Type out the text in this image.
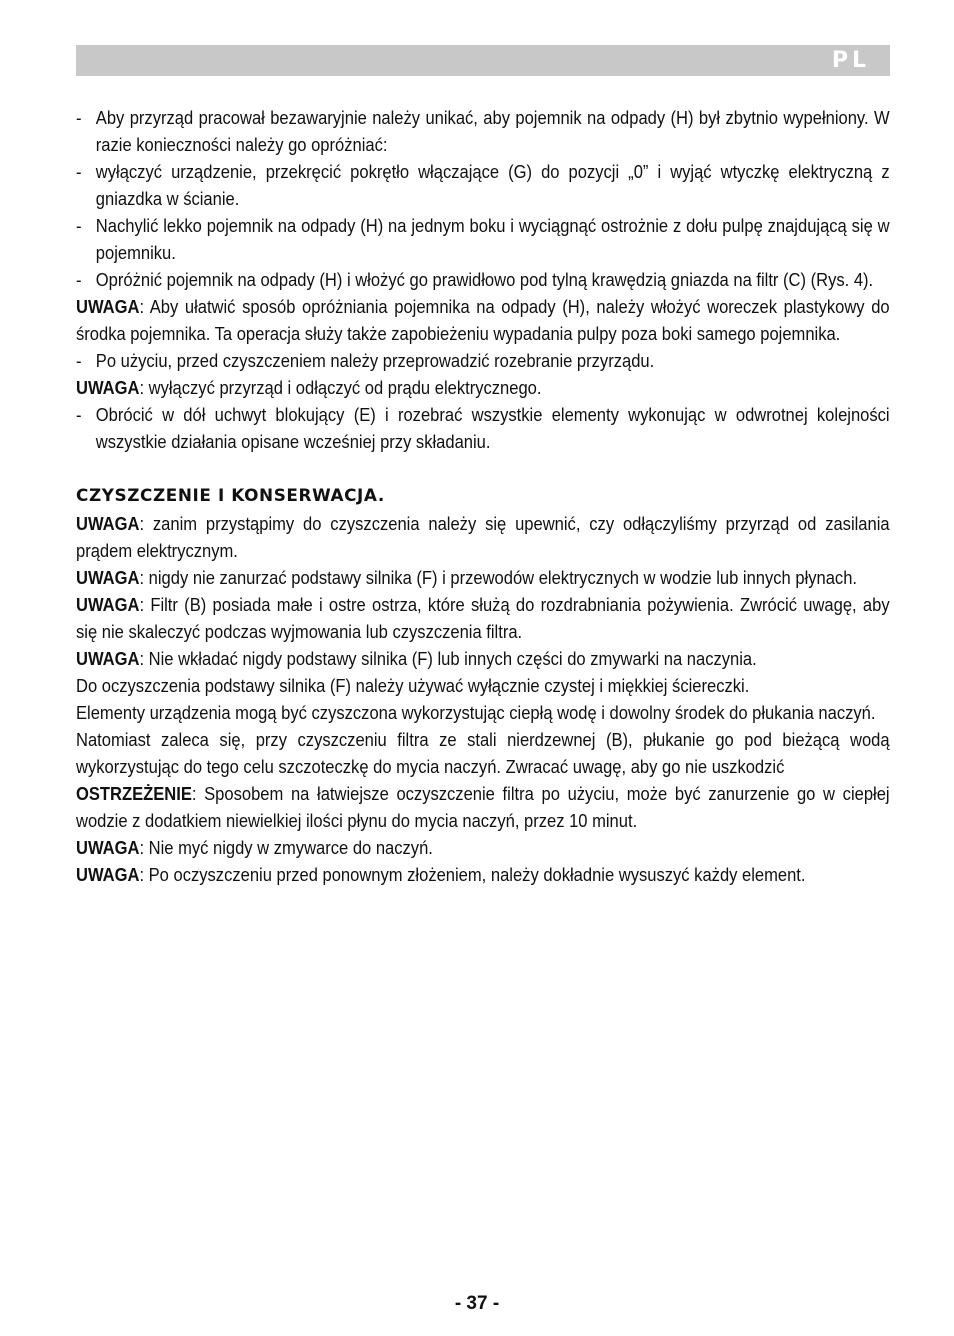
PL

- Aby przyrząd pracował bezawaryjnie należy unikać, aby pojemnik na odpady (H) był zbytnio wypełniony. W razie konieczności należy go opróżniać:

- wyłączyć urządzenie, przekręcić pokrętło włączające (G) do pozycji „0” i wyjąć wtyczkę elektryczną z gniazdka w ścianie.

- Nachylić lekko pojemnik na odpady (H) na jednym boku i wyciągnąć ostrożnie z dołu pulpę znajdującą się w pojemniku.

- Opróżnić pojemnik na odpady (H) i włożyć go prawidłowo pod tylną krawędzią gniazda na filtr (C) (Rys. 4).

UWAGA: Aby ułatwić sposób opróżniania pojemnika na odpady (H), należy włożyć woreczek plastykowy do środka pojemnika. Ta operacja służy także zapobieżeniu wypadania pulpy poza boki samego pojemnika.

- Po użyciu, przed czyszczeniem należy przeprowadzić rozebranie przyrządu.

UWAGA: wyłączyć przyrząd i odłączyć od prądu elektrycznego.

- Obrócić w dół uchwyt blokujący (E) i rozebrać wszystkie elementy wykonując w odwrotnej kolejności wszystkie działania opisane wcześniej przy składaniu.

CZYSZCZENIE I KONSERWACJA.

UWAGA: zanim przystąpimy do czyszczenia należy się upewnić, czy odłączyliśmy przyrząd od zasilania prądem elektrycznym.

UWAGA: nigdy nie zanurzać podstawy silnika (F) i przewodów elektrycznych w wodzie lub innych płynach.

UWAGA: Filtr (B) posiada małe i ostre ostrza, które służą do rozdrabniania pożywienia. Zwrócić uwagę, aby się nie skaleczyć podczas wyjmowania lub czyszczenia filtra.

UWAGA: Nie wkładać nigdy podstawy silnika (F) lub innych części do zmywarki na naczynia.

Do oczyszczenia podstawy silnika (F) należy używać wyłącznie czystej i miękkiej ściereczki.

Elementy urządzenia mogą być czyszczona wykorzystując ciepłą wodę i dowolny środek do płukania naczyń.

Natomiast zaleca się, przy czyszczeniu filtra ze stali nierdzewnej (B), płukanie go pod bieżącą wodą wykorzystując do tego celu szczoteczkę do mycia naczyń. Zwracać uwagę, aby go nie uszkodzić

OSTRZEŻENIE: Sposobem na łatwiejsze oczyszczenie filtra po użyciu, może być zanurzenie go w ciepłej wodzie z dodatkiem niewielkiej ilości płynu do mycia naczyń, przez 10 minut.

UWAGA: Nie myć nigdy w zmywarce do naczyń.

UWAGA: Po oczyszczeniu przed ponownym złożeniem, należy dokładnie wysuszyć każdy element.

- 37 -
